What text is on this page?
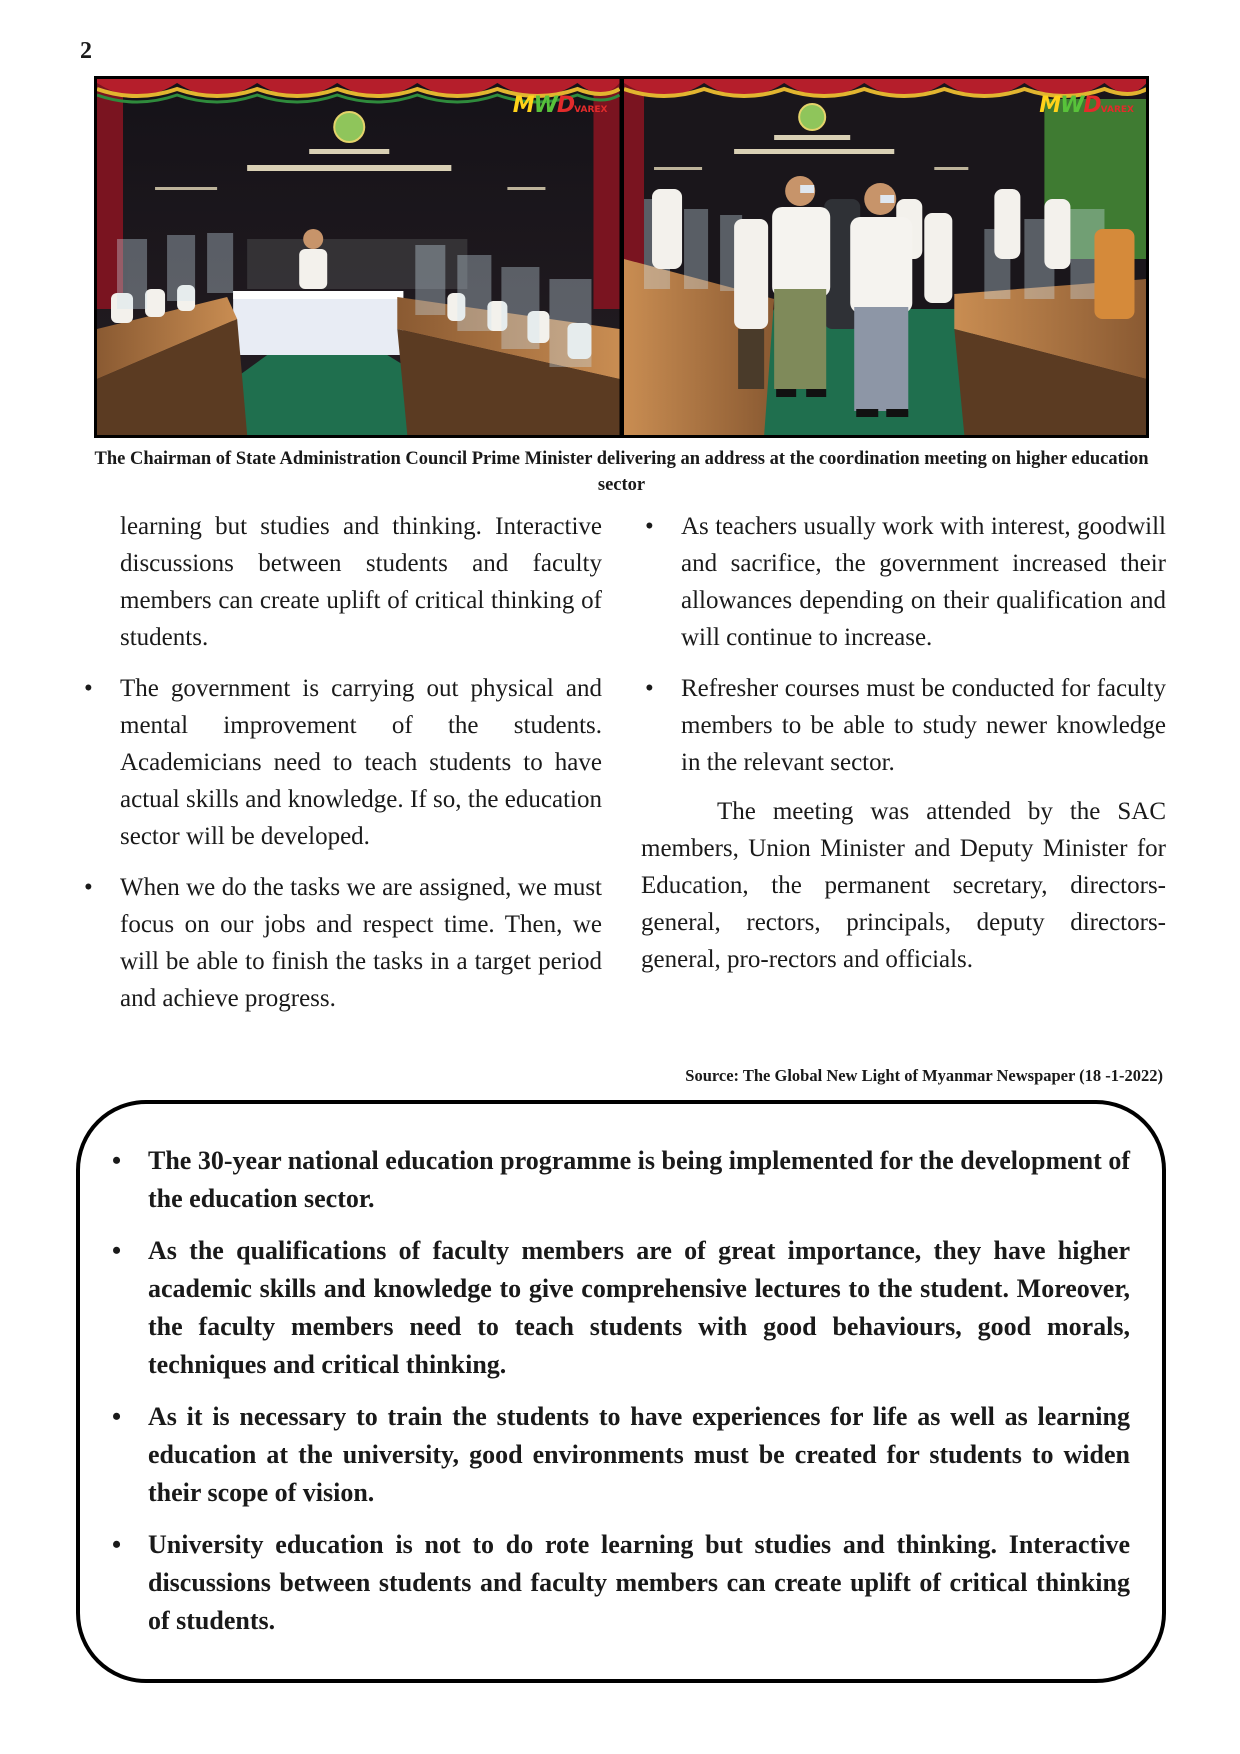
2
MWDVAREX	MWDVAREX
The Chairman of State Administration Council Prime Minister delivering an address at the coordination meeting on higher education sector

learning but studies and thinking. Interactive discussions between students and faculty members can create uplift of critical thinking of students.

• The government is carrying out physical and mental improvement of the students. Academicians need to teach students to have actual skills and knowledge. If so, the education sector will be developed.
• When we do the tasks we are assigned, we must focus on our jobs and respect time. Then, we will be able to finish the tasks in a target period and achieve progress.
• As teachers usually work with interest, goodwill and sacrifice, the government increased their allowances depending on their qualification and will continue to increase.
• Refresher courses must be conducted for faculty members to be able to study newer knowledge in the relevant sector.

The meeting was attended by the SAC members, Union Minister and Deputy Minister for Education, the permanent secretary, directors-general, rectors, principals, deputy directors-general, pro-rectors and officials.

Source: The Global New Light of Myanmar Newspaper (18 -1-2022)
• The 30-year national education programme is being implemented for the development of the education sector.
• As the qualifications of faculty members are of great importance, they have higher academic skills and knowledge to give comprehensive lectures to the student. Moreover, the faculty members need to teach students with good behaviours, good morals, techniques and critical thinking.
• As it is necessary to train the students to have experiences for life as well as learning education at the university, good environments must be created for students to widen their scope of vision.
• University education is not to do rote learning but studies and thinking. Interactive discussions between students and faculty members can create uplift of critical thinking of students.
